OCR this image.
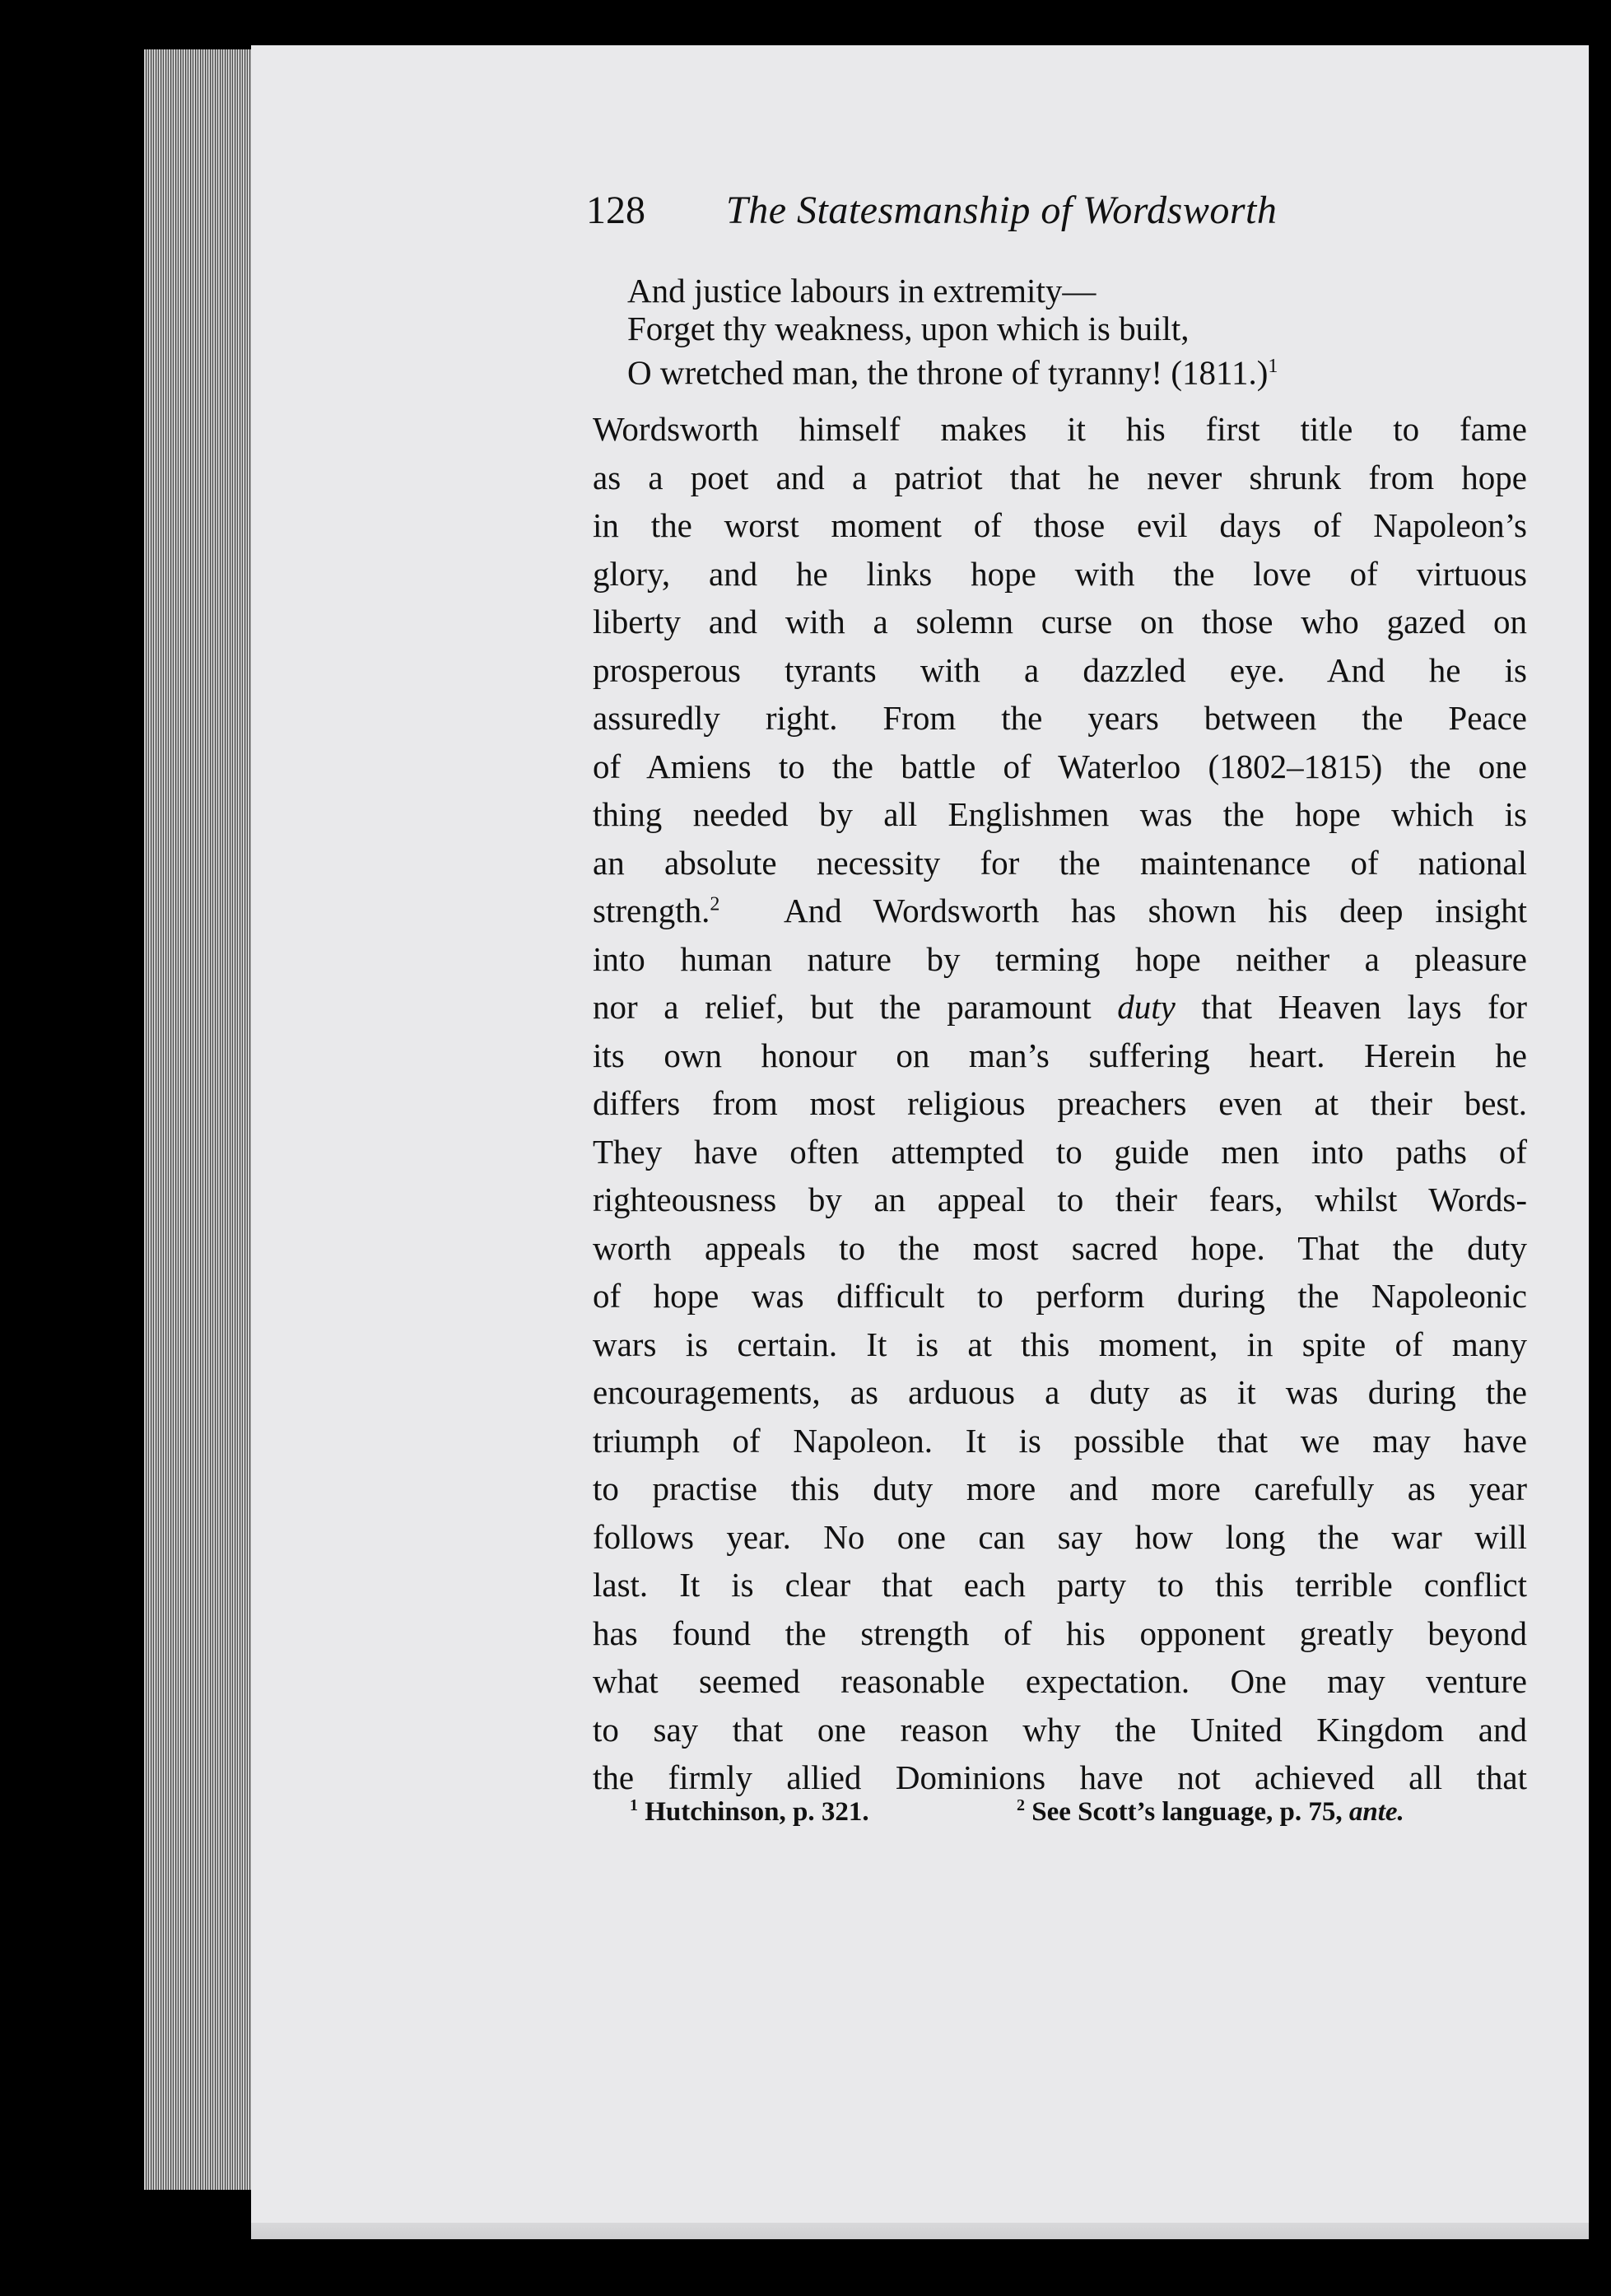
128 The Statesmanship of Wordsworth
And justice labours in extremity—
Forget thy weakness, upon which is built,
O wretched man, the throne of tyranny! $(1811.)^1$
Wordsworth himself makes it his first title to fame
as a poet and a patriot that he never shrunk from hope
in the worst moment of those evil days of Napoleon’s
glory, and he links hope with the love of virtuous
liberty and with a solemn curse on those who gazed on
prosperous tyrants with a dazzled eye. And he is
assuredly right. From the years between the Peace
of Amiens to the battle of Waterloo (1802–1815) the one
thing needed by all Englishmen was the hope which is
an absolute necessity for the maintenance of national
strength.$^2$ And Wordsworth has shown his deep insight
into human nature by terming hope neither a pleasure
nor a relief, but the paramount duty that Heaven lays for
its own honour on man’s suffering heart. Herein he
differs from most religious preachers even at their best.
They have often attempted to guide men into paths of
righteousness by an appeal to their fears, whilst Words-
worth appeals to the most sacred hope. That the duty
of hope was difficult to perform during the Napoleonic
wars is certain. It is at this moment, in spite of many
encouragements, as arduous a duty as it was during the
triumph of Napoleon. It is possible that we may have
to practise this duty more and more carefully as year
follows year. No one can say how long the war will
last. It is clear that each party to this terrible conflict
has found the strength of his opponent greatly beyond
what seemed reasonable expectation. One may venture
to say that one reason why the United Kingdom and
the firmly allied Dominions have not achieved all that
$^1$ Hutchinson, p. 321.	$^2$ See Scott’s language, p. 75, ante.
